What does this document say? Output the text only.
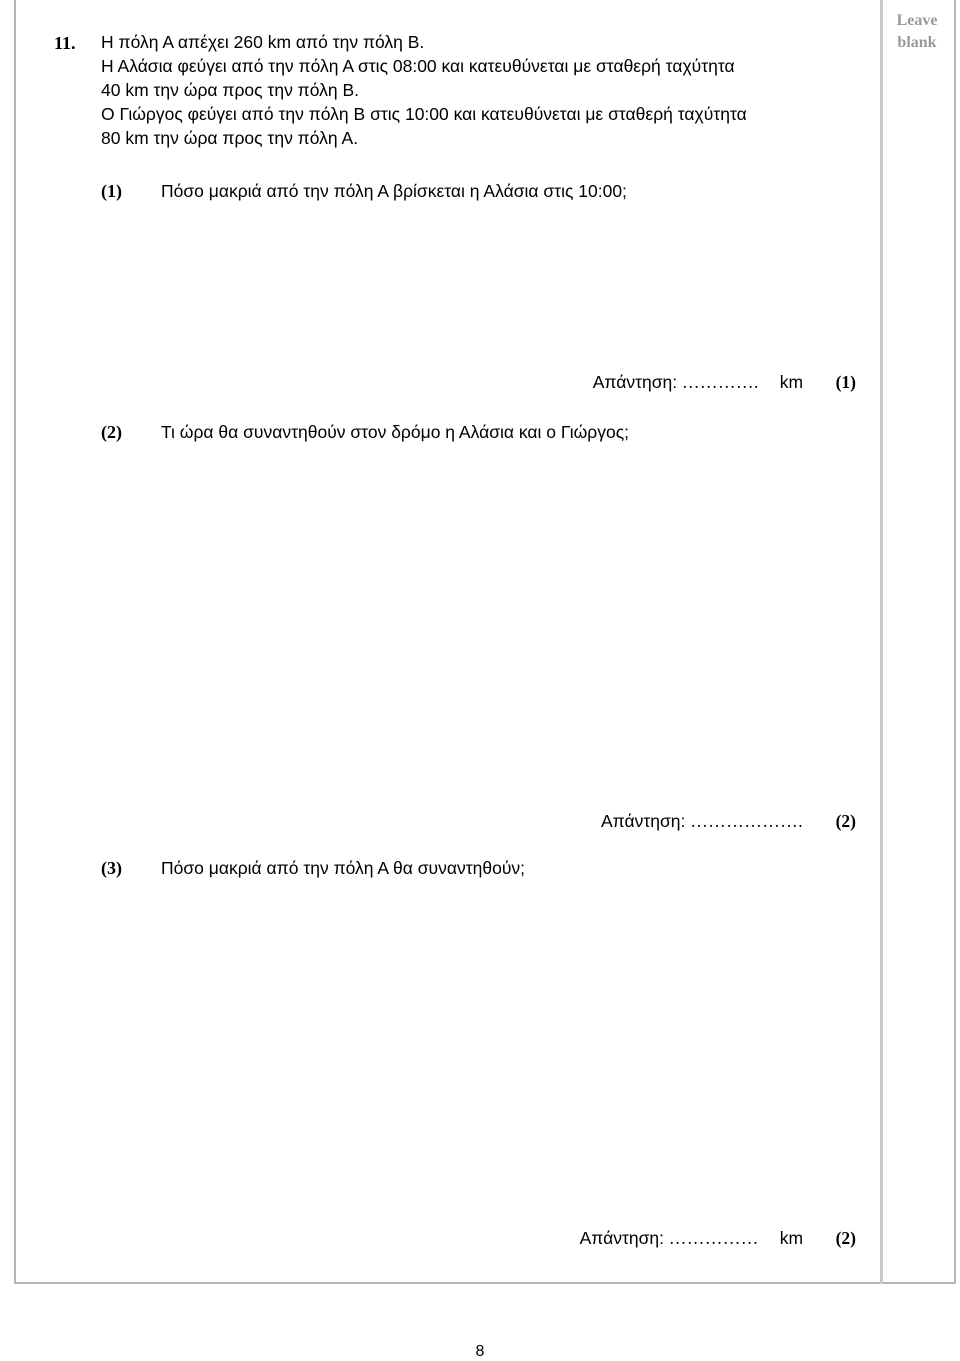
Leave
blank
11. Η πόλη Α απέχει 260 km από την πόλη Β.
Η Αλάσια φεύγει από την πόλη Α στις 08:00 και κατευθύνεται με σταθερή ταχύτητα
40 km την ώρα προς την πόλη Β.
Ο Γιώργος φεύγει από την πόλη Β στις 10:00 και κατευθύνεται με σταθερή ταχύτητα
80 km την ώρα προς την πόλη Α.
(1) Πόσο μακριά από την πόλη Α βρίσκεται η Αλάσια στις 10:00;
Απάντηση: …………. km (1)
(2) Τι ώρα θα συναντηθούν στον δρόμο η Αλάσια και ο Γιώργος;
Απάντηση: ………………. (2)
(3) Πόσο μακριά από την πόλη Α θα συναντηθούν;
Απάντηση: …………… km (2)
8
